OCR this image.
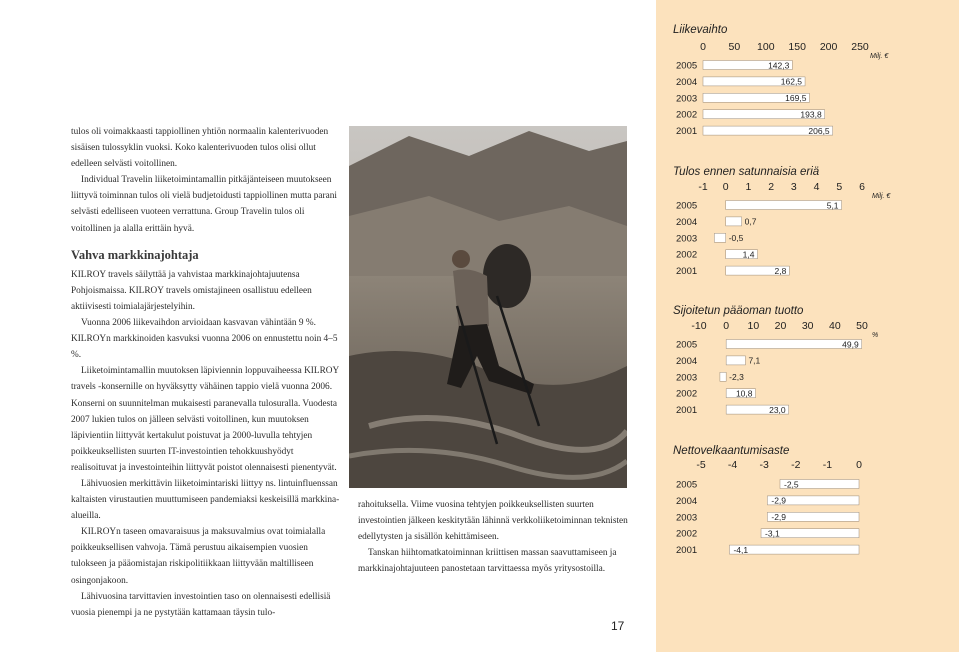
tulos oli voimakkaasti tappiollinen yhtiön normaalin kalenterivuoden sisäisen tulossyklin vuoksi. Koko kalenterivuoden tulos olisi ollut edelleen selvästi voitollinen.

Individual Travelin liiketoimintamallin pitkäjänteiseen muutokseen liittyvä toiminnan tulos oli vielä budjetoidusti tappiollinen mutta parani selvästi edelliseen vuoteen verrattuna. Group Travelin tulos oli voitollinen ja alalla erittäin hyvä.

Vahva markkinajohtaja

KILROY travels säilyttää ja vahvistaa markkinajohtajuutensa Pohjoismaissa. KILROY travels omistajineen osallistuu edelleen aktiivisesti toimialajärjestelyihin.

Vuonna 2006 liikevaihdon arvioidaan kasvavan vähintään 9 %. KILROYn markkinoiden kasvuksi vuonna 2006 on ennustettu noin 4–5 %.

Liiketoimintamallin muutoksen läpiviennin loppuvaiheessa KILROY travels -konsernille on hyväksytty vähäinen tappio vielä vuonna 2006. Konserni on suunnitelman mukaisesti paranevalla tulosuralla. Vuodesta 2007 lukien tulos on jälleen selvästi voitollinen, kun muutoksen läpivientiin liittyvät kertakulut poistuvat ja 2000-luvulla tehtyjen poikkeuksellisten suurten IT-investointien tehokkuushyödyt realisoituvat ja investointeihin liittyvät poistot olennaisesti pienentyvät.

Lähivuosien merkittävin liiketoimintariski liittyy ns. lintuinfluenssan kaltaisten virustautien muuttumiseen pandemiaksi keskeisillä markkina-alueilla.

KILROYn taseen omavaraisuus ja maksuvalmius ovat toimialalla poikkeuksellisen vahvoja. Tämä perustuu aikaisempien vuosien tulokseen ja pääomistajan riskipolitiikkaan liittyvään maltilliseen osingonjakoon.

Lähivuosina tarvittavien investointien taso on olennaisesti edellisiä vuosia pienempi ja ne pystytään kattamaan täysin tulo-

rahoituksella. Viime vuosina tehtyjen poikkeuksellisten suurten investointien jälkeen keskitytään lähinnä verkkoliiketoiminnan teknisten edellytysten ja sisällön kehittämiseen.

Tanskan hiihtomatkatoiminnan kriittisen massan saavuttamiseen ja markkinajohtajuuteen panostetaan tarvittaessa myös yritysostoilla.

17
Liikevaihto
0 50 100 150 200 250
Milj. €
2005	142,3
2004	162,5
2003	169,5
2002	193,8
2001	206,5
Tulos ennen satunnaisia eriä
-1 0 1 2 3 4 5 6
Milj. €
2005	5,1
2004	0,7
2003	-0,5
2002	1,4
2001	2,8
Sijoitetun pääoman tuotto
-10 0 10 20 30 40 50
%
2005	49,9
2004	7,1
2003	-2,3
2002	10,8
2001	23,0
Nettovelkaantumisaste
-5 -4 -3 -2 -1 0
2005	-2,5
2004	-2,9
2003	-2,9
2002	-3,1
2001	-4,1
